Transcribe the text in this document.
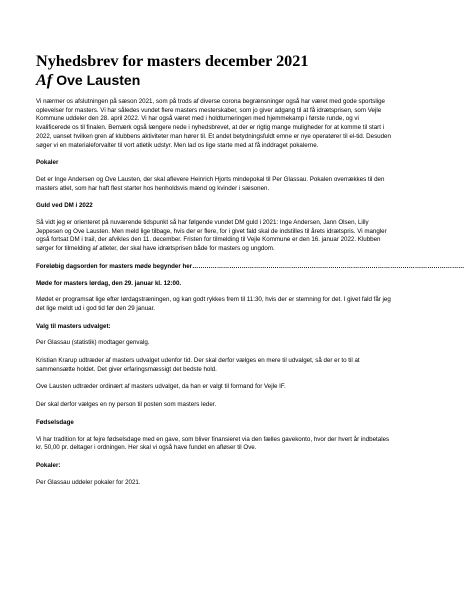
Nyhedsbrev for masters december 2021
Af Ove Lausten

Vi nærmer os afslutningen på sæson 2021, som på trods af diverse corona begrænsninger også har været med gode sportslige oplevelser for masters. Vi har således vundet flere masters mesterskaber, som jo giver adgang til at få idrætsprisen, som Vejle Kommune uddeler den 28. april 2022. Vi har også været med i holdturneringen med hjemmekamp i første runde, og vi kvalificerede os til finalen. Bemærk også længere nede i nyhedsbrevet, at der er rigtig mange muligheder for at komme til start i 2022, uanset hvilken gren af klubbens aktiviteter man hører til. Et andet betydningsfuldt emne er nye operatører til el-tid. Desuden søger vi en materialeforvalter til vort atletik udstyr. Men lad os lige starte med at få inddraget pokalerne.

Pokaler

Det er Inge Andersen og Ove Lausten, der skal aflevere Heinrich Hjorts mindepokal til Per Glassau. Pokalen overrækkes til den masters atlet, som har haft flest starter hos henholdsvis mænd og kvinder i sæsonen.

Guld ved DM i 2022

Så vidt jeg er orienteret på nuværende tidspunkt så har følgende vundet DM guld i 2021: Inge Andersen, Jann Olsen, Lilly Jeppesen og Ove Lausten. Men meld lige tilbage, hvis der er flere, for i givet fald skal de indstilles til årets idrætspris. Vi mangler også fortsat DM i trail, der afvikles den 11. december. Fristen for tilmelding til Vejle Kommune er den 16. januar 2022. Klubben sørger for tilmelding af atleter, der skal have idrætsprisen både for masters og ungdom.

Foreløbig dagsorden for masters møde begynder her……………………………………………………………………………………………………………………
Møde for masters lørdag, den 29. januar kl. 12:00.

Mødet er programsat lige efter lørdagstræningen, og kan godt rykkes frem til 11:30, hvis der er stemning for det. I givet fald får jeg det lige meldt ud i god tid før den 29 januar.

Valg til masters udvalget:

Per Glassau (statistik) modtager genvalg.

Kristian Krarup udtræder af masters udvalget udenfor tid. Der skal derfor vælges en mere til udvalget, så der er to til at sammensætte holdet. Det giver erfaringsmæssigt det bedste hold.

Ove Lausten udtræder ordinært af masters udvalget, da han er valgt til formand for Vejle IF.

Der skal derfor vælges en ny person til posten som masters leder.

Fødselsdage

Vi har tradition for at fejre fødselsdage med en gave, som bliver finansieret via den fælles gavekonto, hvor der hvert år indbetales kr. 50,00 pr. deltager i ordningen. Her skal vi også have fundet en afløser til Ove.

Pokaler:

Per Glassau uddeler pokaler for 2021.
